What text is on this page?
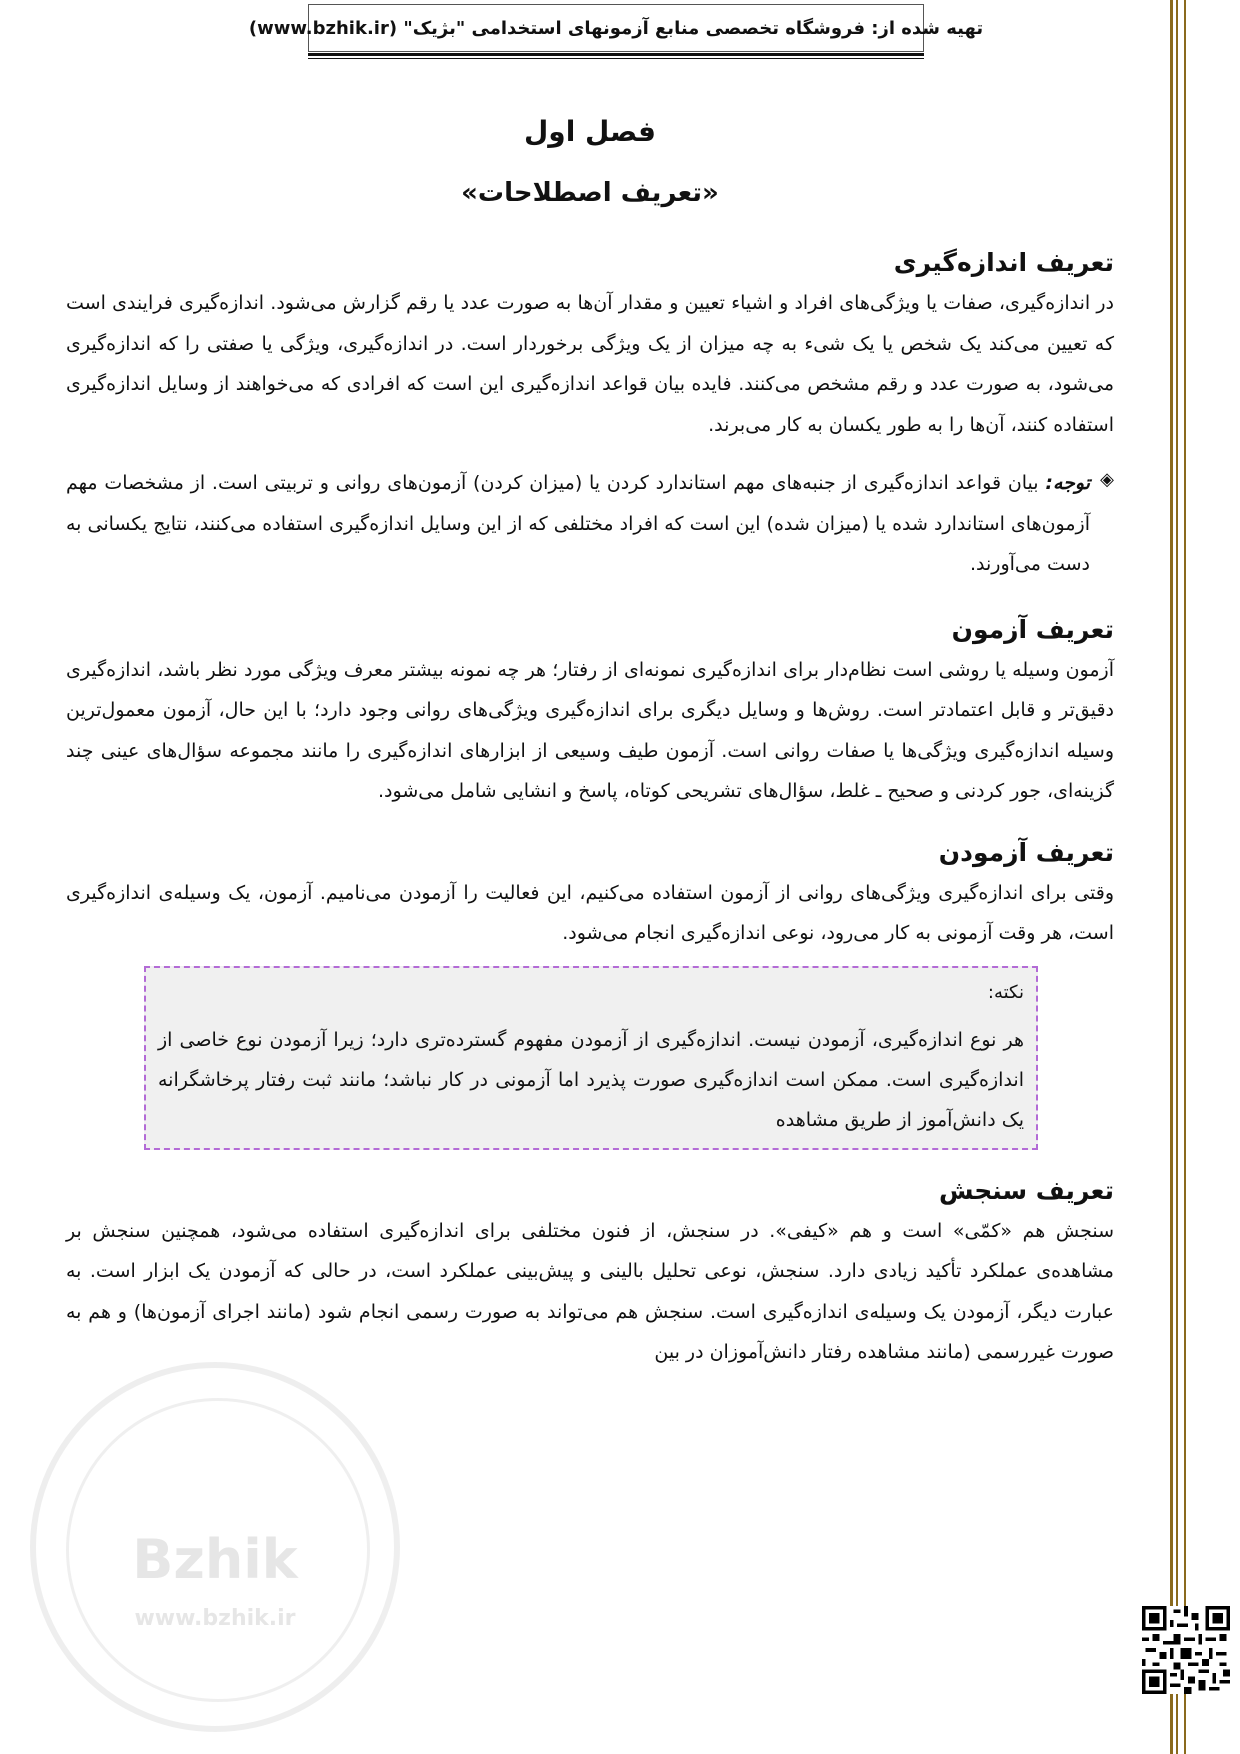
تهیه شده از: فروشگاه تخصصی منابع آزمونهای استخدامی "بژیک" (www.bzhik.ir)
Bzhik
www.bzhik.ir
فصل اول
«تعریف اصطلاحات»
تعریف اندازه‌گیری

در اندازه‌گیری، صفات یا ویژگی‌های افراد و اشیاء تعیین و مقدار آن‌ها به صورت عدد یا رقم گزارش می‌شود. اندازه‌گیری فرایندی است که تعیین می‌کند یک شخص یا یک شیء به چه میزان از یک ویژگی برخوردار است. در اندازه‌گیری، ویژگی یا صفتی را که اندازه‌گیری می‌شود، به صورت عدد و رقم مشخص می‌کنند. فایده بیان قواعد اندازه‌گیری این است که افرادی که می‌خواهند از وسایل اندازه‌گیری استفاده کنند، آن‌ها را به طور یکسان به کار می‌برند.

◈
توجه: بیان قواعد اندازه‌گیری از جنبه‌های مهم استاندارد کردن یا (میزان کردن) آزمون‌های روانی و تربیتی است. از مشخصات مهم آزمون‌های استاندارد شده یا (میزان شده) این است که افراد مختلفی که از این وسایل اندازه‌گیری استفاده می‌کنند، نتایج یکسانی به دست می‌آورند.
تعریف آزمون

آزمون وسیله یا روشی است نظام‌دار برای اندازه‌گیری نمونه‌ای از رفتار؛ هر چه نمونه بیشتر معرف ویژگی مورد نظر باشد، اندازه‌گیری دقیق‌تر و قابل اعتمادتر است. روش‌ها و وسایل دیگری برای اندازه‌گیری ویژگی‌های روانی وجود دارد؛ با این حال، آزمون معمول‌ترین وسیله اندازه‌گیری ویژگی‌ها یا صفات روانی است. آزمون طیف وسیعی از ابزارهای اندازه‌گیری را مانند مجموعه سؤال‌های عینی چند گزینه‌ای، جور کردنی و صحیح ـ غلط، سؤال‌های تشریحی کوتاه، پاسخ و انشایی شامل می‌شود.

تعریف آزمودن

وقتی برای اندازه‌گیری ویژگی‌های روانی از آزمون استفاده می‌کنیم، این فعالیت را آزمودن می‌نامیم. آزمون، یک وسیله‌ی اندازه‌گیری است، هر وقت آزمونی به کار می‌رود، نوعی اندازه‌گیری انجام می‌شود.

نکته:
هر نوع اندازه‌گیری، آزمودن نیست. اندازه‌گیری از آزمودن مفهوم گسترده‌تری دارد؛ زیرا آزمودن نوع خاصی از اندازه‌گیری است. ممکن است اندازه‌گیری صورت پذیرد اما آزمونی در کار نباشد؛ مانند ثبت رفتار پرخاشگرانه یک دانش‌آموز از طریق مشاهده
تعریف سنجش

سنجش هم «کمّی» است و هم «کیفی». در سنجش، از فنون مختلفی برای اندازه‌گیری استفاده می‌شود، همچنین سنجش بر مشاهده‌ی عملکرد تأکید زیادی دارد. سنجش، نوعی تحلیل بالینی و پیش‌بینی عملکرد است، در حالی که آزمودن یک ابزار است. به عبارت دیگر، آزمودن یک وسیله‌ی اندازه‌گیری است. سنجش هم می‌تواند به صورت رسمی انجام شود (مانند اجرای آزمون‌ها) و هم به صورت غیررسمی (مانند مشاهده رفتار دانش‌آموزان در بین
